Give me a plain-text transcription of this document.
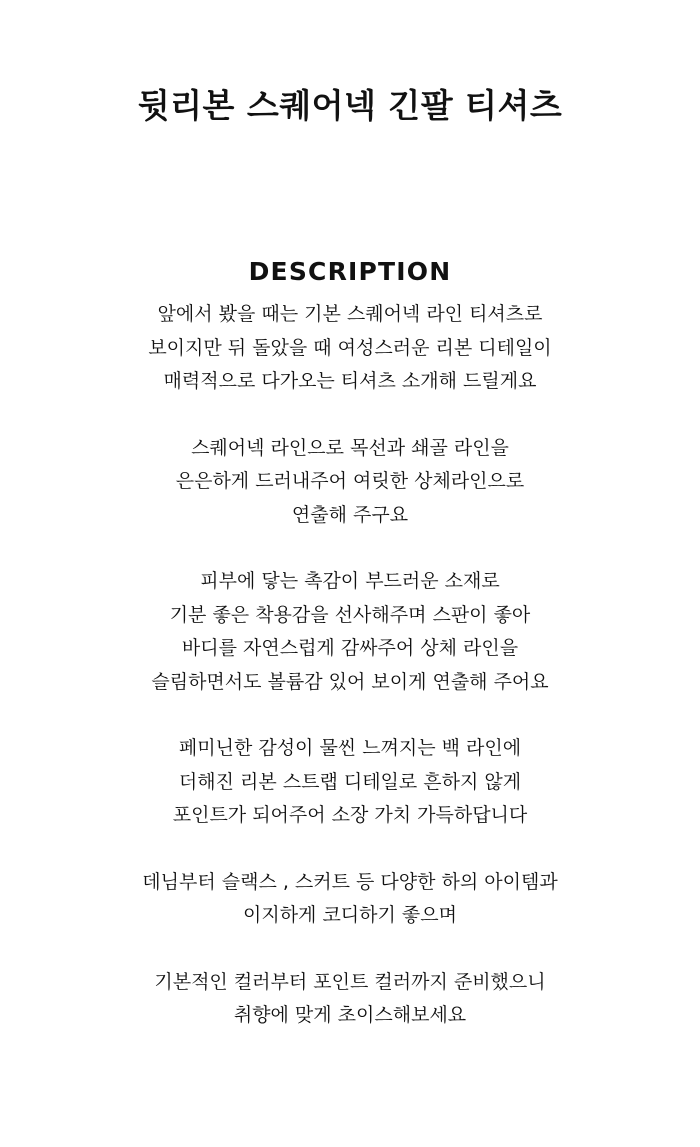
뒷리본 스퀘어넥 긴팔 티셔츠
DESCRIPTION

앞에서 봤을 때는 기본 스퀘어넥 라인 티셔츠로
보이지만 뒤 돌았을 때 여성스러운 리본 디테일이
매력적으로 다가오는 티셔츠 소개해 드릴게요

스퀘어넥 라인으로 목선과 쇄골 라인을
은은하게 드러내주어 여릿한 상체라인으로
연출해 주구요

피부에 닿는 촉감이 부드러운 소재로
기분 좋은 착용감을 선사해주며 스판이 좋아
바디를 자연스럽게 감싸주어 상체 라인을
슬림하면서도 볼륨감 있어 보이게 연출해 주어요

페미닌한 감성이 물씬 느껴지는 백 라인에
더해진 리본 스트랩 디테일로 흔하지 않게
포인트가 되어주어 소장 가치 가득하답니다

데님부터 슬랙스 , 스커트 등 다양한 하의 아이템과
이지하게 코디하기 좋으며

기본적인 컬러부터 포인트 컬러까지 준비했으니
취향에 맞게 초이스해보세요
